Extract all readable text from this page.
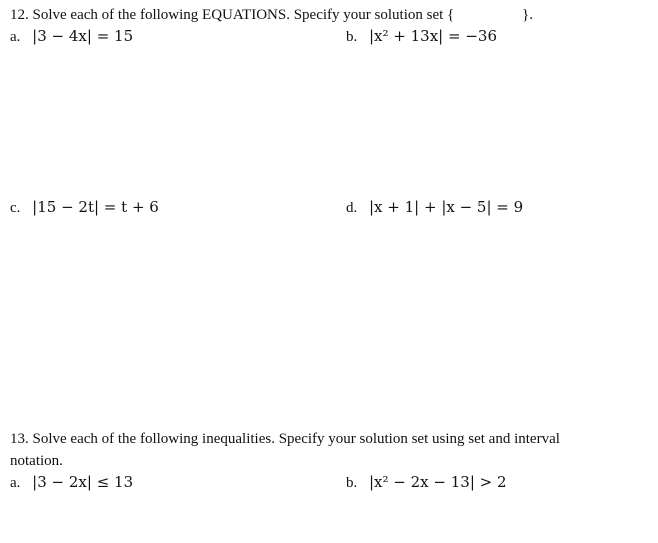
12. Solve each of the following EQUATIONS. Specify your solution set {	}.
a. |3 − 4x| = 15	b. |x² + 13x| = −36
c. |15 − 2t| = t + 6	d. |x + 1| + |x − 5| = 9
13. Solve each of the following inequalities. Specify your solution set using set and interval
notation.
a. |3 − 2x| ≤ 13	b. |x² − 2x − 13| > 2
